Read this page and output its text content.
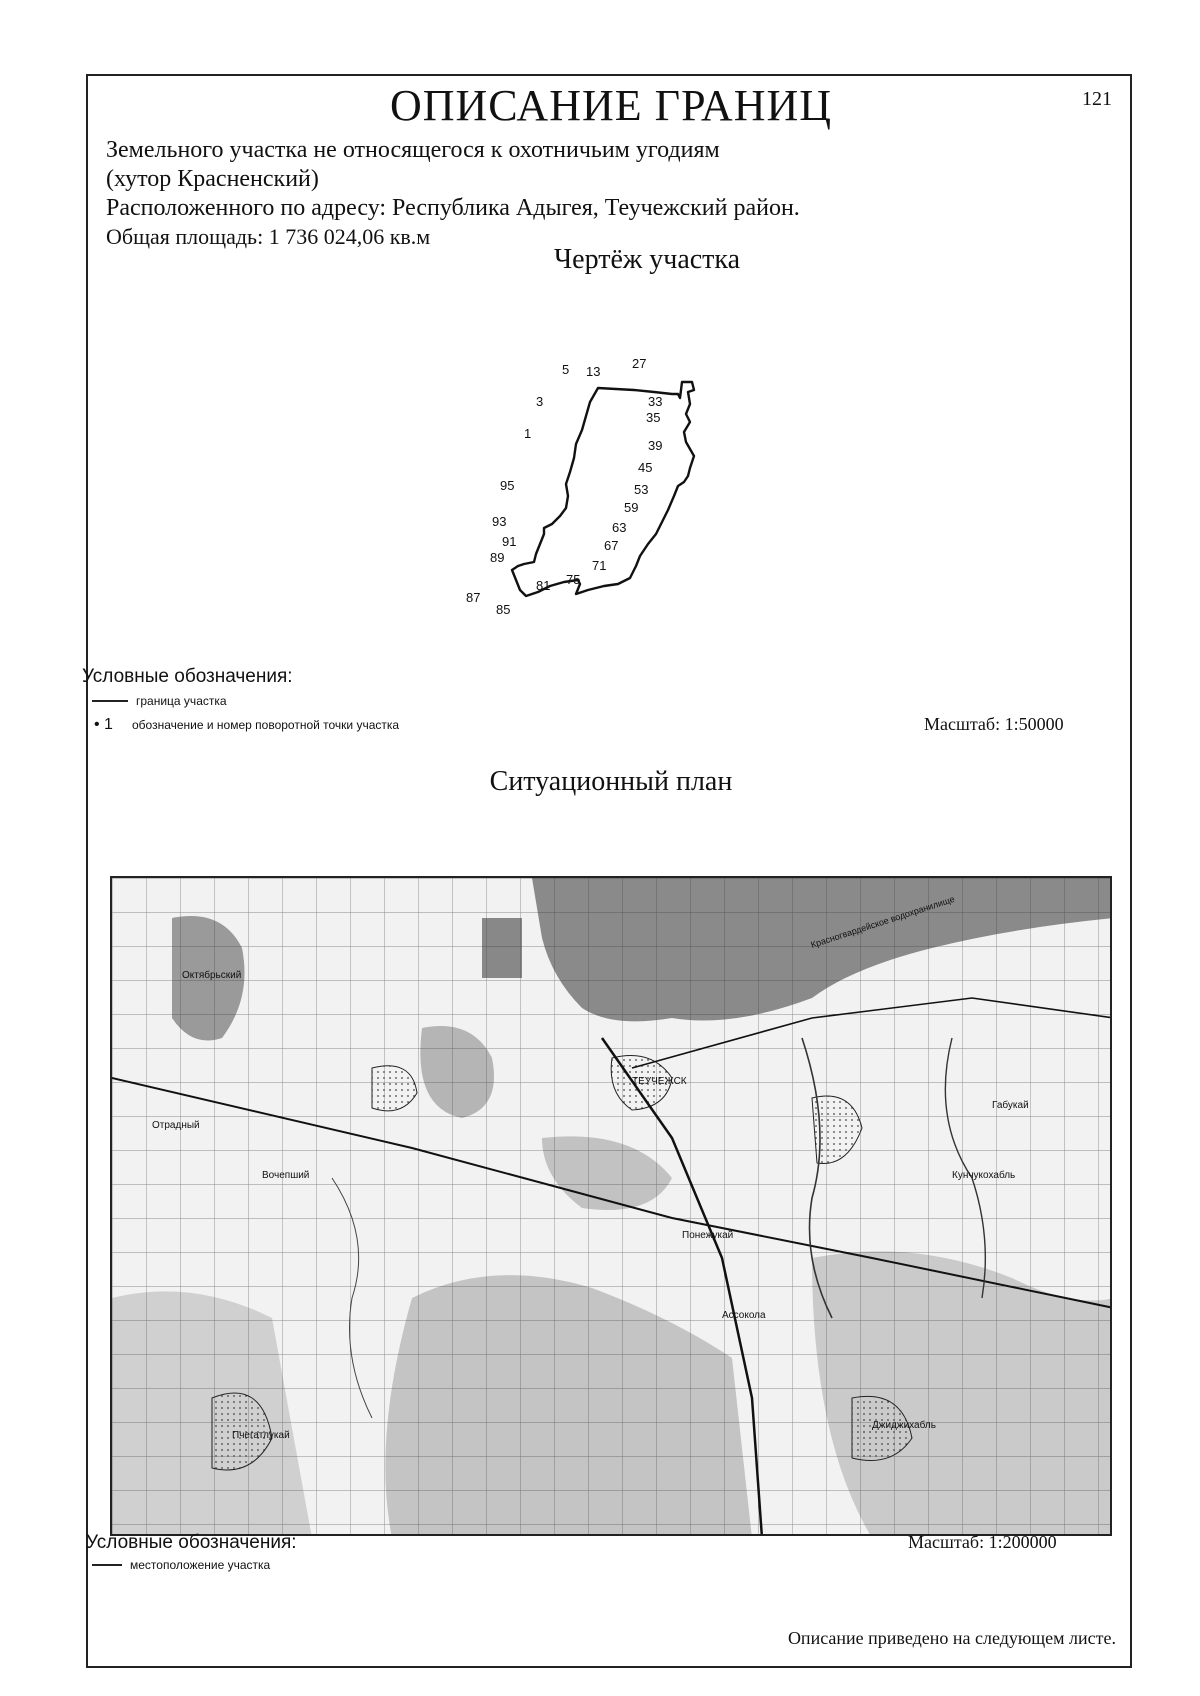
ОПИСАНИЕ ГРАНИЦ	121
Земельного участка не относящегося к охотничьим угодиям
(хутор Красненский)
Расположенного по адресу: Республика Адыгея, Теучежский район.
Общая площадь: 1 736 024,06 кв.м
Чертёж участка
5 13
27
3	33
35
1
39
45
95	53
59
93	63
91	67
89
71
81 75
87
85
Условные обозначения:
граница участка
• 1	обозначение и номер поворотной точки участка	Масштаб: 1:50000
Ситуационный план
ТЕУЧЕЖСК
Понежукай
Октябрьский
Красногвардейское водохранилище
Ассокола
Габукай
Отрадный
Вочепший
Джиджихабль
Кунчукохабль
Пчегатлукай
Условные обозначения:
местоположение участка
Масштаб: 1:200000
Описание приведено на следующем листе.
